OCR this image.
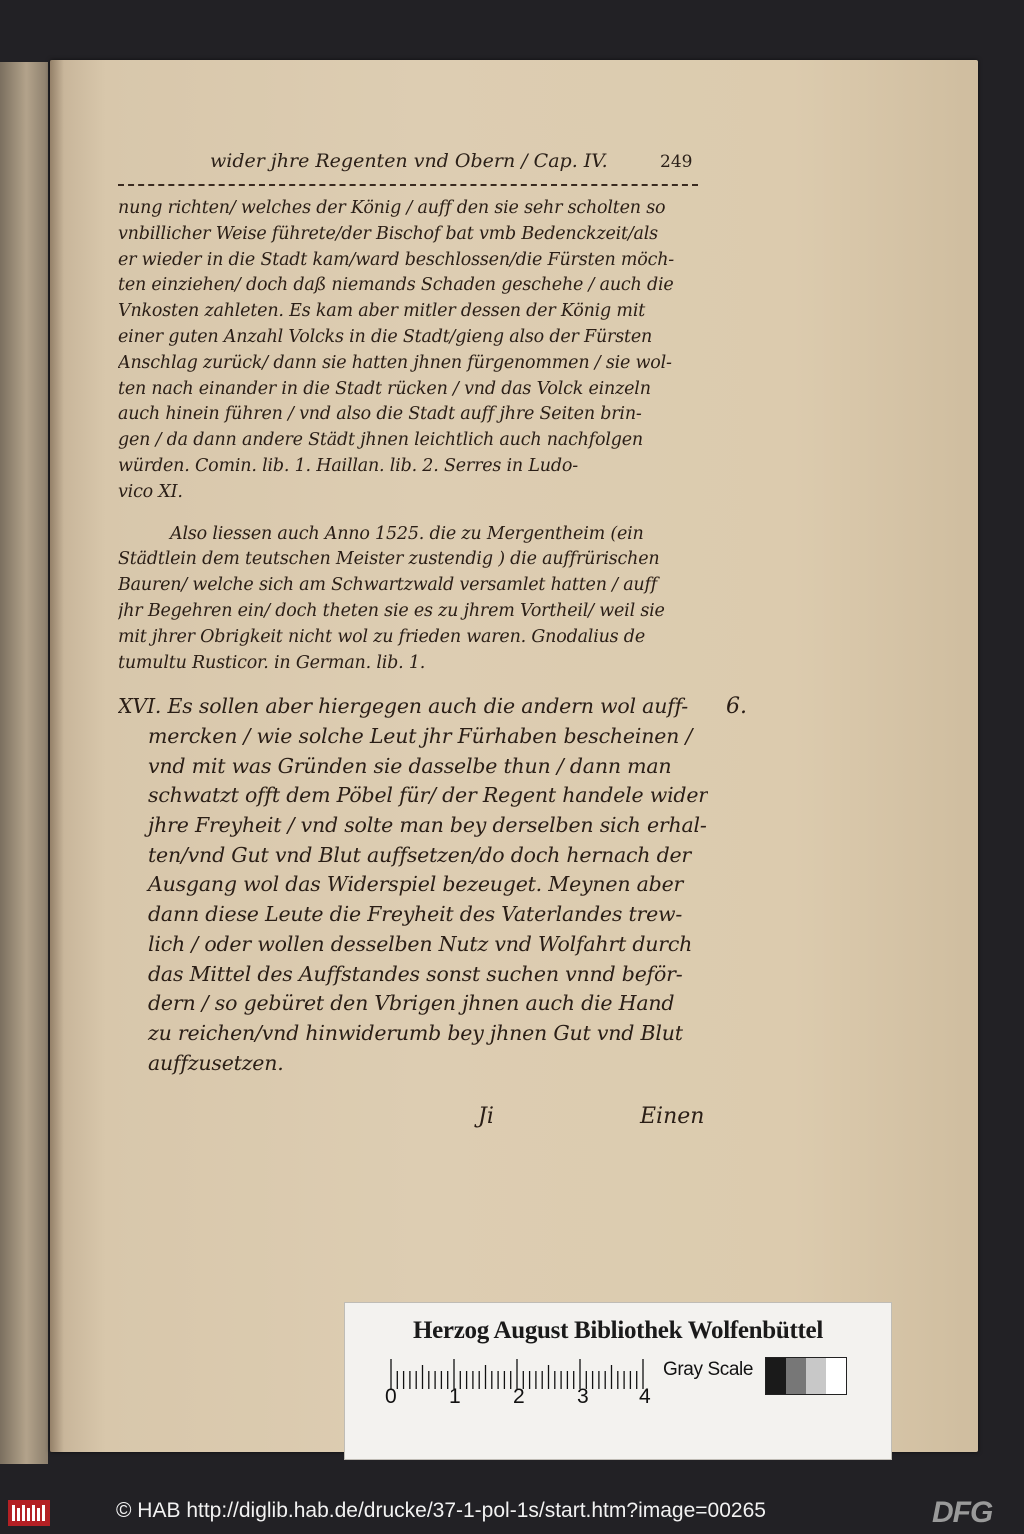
wider jhre Regenten vnd Obern / Cap. IV.	249
nung richten/ welches der König / auff den sie sehr scholten so
vnbillicher Weise führete/der Bischof bat vmb Bedenckzeit/als
er wieder in die Stadt kam/ward beschlossen/die Fürsten möch-
ten einziehen/ doch daß niemands Schaden geschehe / auch die
Vnkosten zahleten. Es kam aber mitler dessen der König mit
einer guten Anzahl Volcks in die Stadt/gieng also der Fürsten
Anschlag zurück/ dann sie hatten jhnen fürgenommen / sie wol-
ten nach einander in die Stadt rücken / vnd das Volck einzeln
auch hinein führen / vnd also die Stadt auff jhre Seiten brin-
gen / da dann andere Städt jhnen leichtlich auch nachfolgen
würden. Comin. lib. 1. Haillan. lib. 2. Serres in Ludo-
vico XI.
Also liessen auch Anno 1525. die zu Mergentheim (ein
Städtlein dem teutschen Meister zustendig ) die auffrürischen
Bauren/ welche sich am Schwartzwald versamlet hatten / auff
jhr Begehren ein/ doch theten sie es zu jhrem Vortheil/ weil sie
mit jhrer Obrigkeit nicht wol zu frieden waren. Gnodalius de
tumultu Rusticor. in German. lib. 1.
XVI. Es sollen aber hiergegen auch die andern wol auff-
mercken / wie solche Leut jhr Fürhaben bescheinen /
vnd mit was Gründen sie dasselbe thun / dann man
schwatzt offt dem Pöbel für/ der Regent handele wider
jhre Freyheit / vnd solte man bey derselben sich erhal-
ten/vnd Gut vnd Blut auffsetzen/do doch hernach der
Ausgang wol das Widerspiel bezeuget. Meynen aber
dann diese Leute die Freyheit des Vaterlandes trew-
lich / oder wollen desselben Nutz vnd Wolfahrt durch
das Mittel des Auffstandes sonst suchen vnnd beför-
dern / so gebüret den Vbrigen jhnen auch die Hand
zu reichen/vnd hinwiderumb bey jhnen Gut vnd Blut
auffzusetzen.
6.
Ji	Einen
Herzog August Bibliothek Wolfenbüttel
0 1 2 3 4
Gray Scale
© HAB http://diglib.hab.de/drucke/37-1-pol-1s/start.htm?image=00265	DFG
